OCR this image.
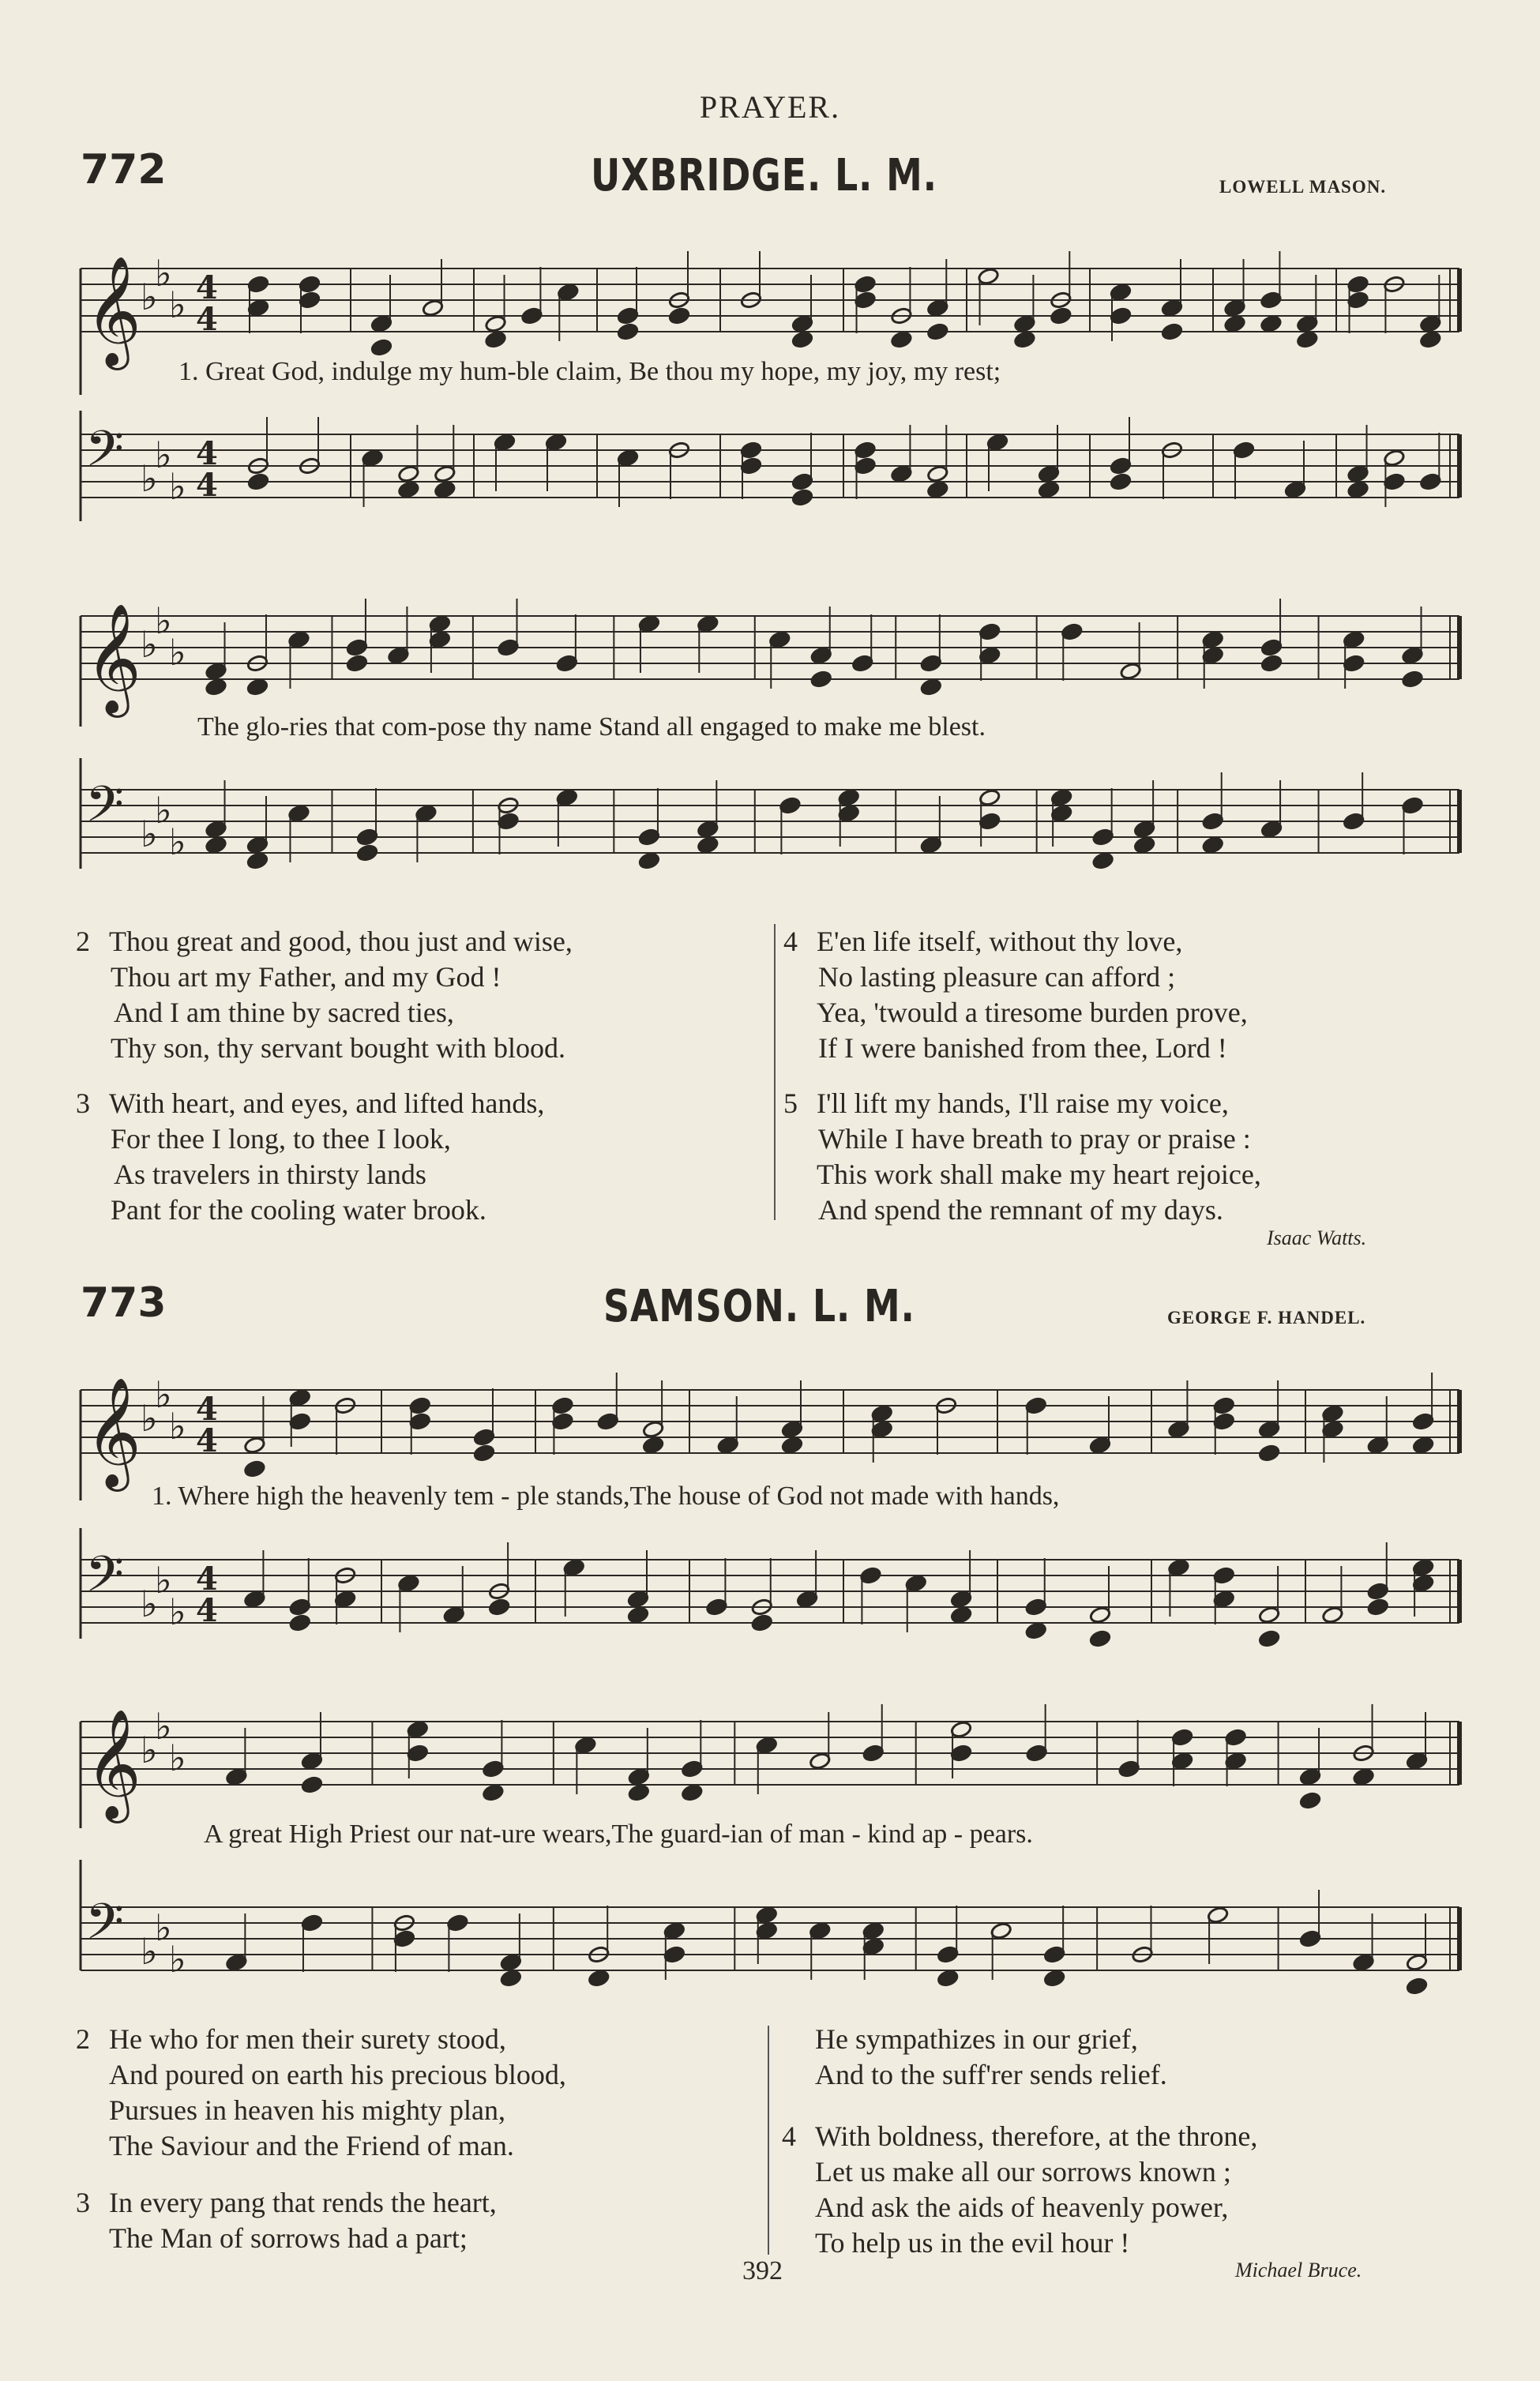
PRAYER.
772	UXBRIDGE. L. M.	LOWELL MASON.
𝄞 ♭
♭
♭ 4
4
1. Great God, indulge my hum-ble claim, Be thou my hope, my joy, my rest;
𝄢 ♭
♭
♭
4
4
𝄞 ♭
♭
♭
The glo-ries that com-pose thy name Stand all engaged to make me blest.
𝄢 ♭
♭
♭
2 Thou great and good, thou just and wise,
Thou art my Father, and my God !
And I am thine by sacred ties,
Thy son, thy servant bought with blood.
3 With heart, and eyes, and lifted hands,
For thee I long, to thee I look,
As travelers in thirsty lands
Pant for the cooling water brook.
4 E'en life itself, without thy love,
No lasting pleasure can afford ;
Yea, 'twould a tiresome burden prove,
If I were banished from thee, Lord !
5 I'll lift my hands, I'll raise my voice,
While I have breath to pray or praise :
This work shall make my heart rejoice,
And spend the remnant of my days.
Isaac Watts.
773	SAMSON. L. M.	GEORGE F. HANDEL.
𝄞 ♭
♭
♭ 4
4
1. Where high the heavenly tem - ple stands,The house of God not made with hands,
𝄢 ♭
♭
♭
4
4
𝄞 ♭
♭
♭
A great High Priest our nat-ure wears,The guard-ian of man - kind ap - pears.
𝄢 ♭
♭
♭
2 He who for men their surety stood,
And poured on earth his precious blood,
Pursues in heaven his mighty plan,
The Saviour and the Friend of man.
3 In every pang that rends the heart,
The Man of sorrows had a part;
He sympathizes in our grief,
And to the suff'rer sends relief.
4 With boldness, therefore, at the throne,
Let us make all our sorrows known ;
And ask the aids of heavenly power,
To help us in the evil hour !
392	Michael Bruce.
